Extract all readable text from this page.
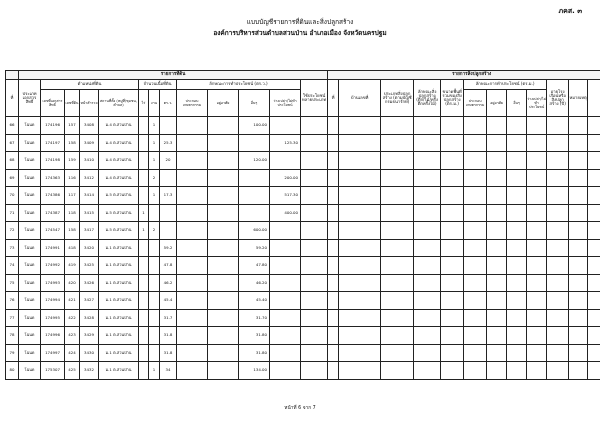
ภคส. ๓
แบบบัญชีรายการที่ดินและสิ่งปลูกสร้าง
องค์การบริหารส่วนตำบลสวนป่าน อำเภอเมือง จังหวัดนครปฐม
	รายการที่ดิน													รายการสิ่งปลูกสร้าง											
ที่	ประเภทเอกสารสิทธิ์	ตำแหน่งที่ดิน				จำนวนเนื้อที่ดิน			ลักษณะการทำประโยชน์ (ตร.ว.)				ใช้ประโยชน์หลายประเภท	ที่	บ้านเลขที่	ประเภทสิ่งปลูกสร้าง (ตามบัญชีกรมธนารักษ์)	ลักษณะสิ่งปลูกสร้าง (ตึก/ไม้/ครึ่งตึกครึ่งไม้)	ขนาดพื้นที่รวมของสิ่งปลูกสร้าง (ตร.ม.)	ลักษณะการทำประโยชน์ (ตร.ม.)				อายุโรงเรือนหรือสิ่งปลูกสร้าง (ปี)	หมายเหตุ	
		เลขที่เอกสารสิทธิ์	เลขที่ดิน	หน้าสำรวจ	สถานที่ตั้ง (หมู่ที่/ชุมชน, ตำบล)																				
						ไร่	งาน	ตร.ว.	ประกอบเกษตรกรรม	อยู่อาศัย	อื่นๆ	ว่างเปล่า/ไม่ทำประโยชน์							ประกอบเกษตรกรรม	อยู่อาศัย	อื่นๆ	ว่างเปล่า/ไม่ทำประโยชน์			
66	โฉนด	174196	157	3408	ม.4 ต.สวนป่าน		1				100.00														
67	โฉนด	174197	158	3409	ม.4 ต.สวนป่าน		1	25.3				125.30													
68	โฉนด	174198	159	3410	ม.4 ต.สวนป่าน		1	20			120.00														
69	โฉนด	174363	116	3412	ม.4 ต.สวนป่าน		2					200.00													
70	โฉนด	174386	117	3414	ม.5 ต.สวนป่าน		1	17.3				517.30													
71	โฉนด	174387	118	3415	ม.5 ต.สวนป่าน	1						400.00													
72	โฉนด	174547	158	3417	ม.5 ต.สวนป่าน	1	2				600.00														
73	โฉนด	174991	418	3420	ม.1 ต.สวนป่าน			59.2			59.20														
74	โฉนด	174992	419	3425	ม.1 ต.สวนป่าน			47.8			47.80														
75	โฉนด	174993	420	3426	ม.1 ต.สวนป่าน			46.2			46.20														
76	โฉนด	174994	421	3427	ม.1 ต.สวนป่าน			45.4			45.40														
77	โฉนด	174995	422	3428	ม.1 ต.สวนป่าน			31.7			31.70														
78	โฉนด	174996	423	3429	ม.1 ต.สวนป่าน			31.8			31.80														
79	โฉนด	174997	424	3430	ม.1 ต.สวนป่าน			31.8			31.80														
80	โฉนด	175307	425	3432	ม.1 ต.สวนป่าน		1	34			134.00														
หน้าที่ 6 จาก 7
